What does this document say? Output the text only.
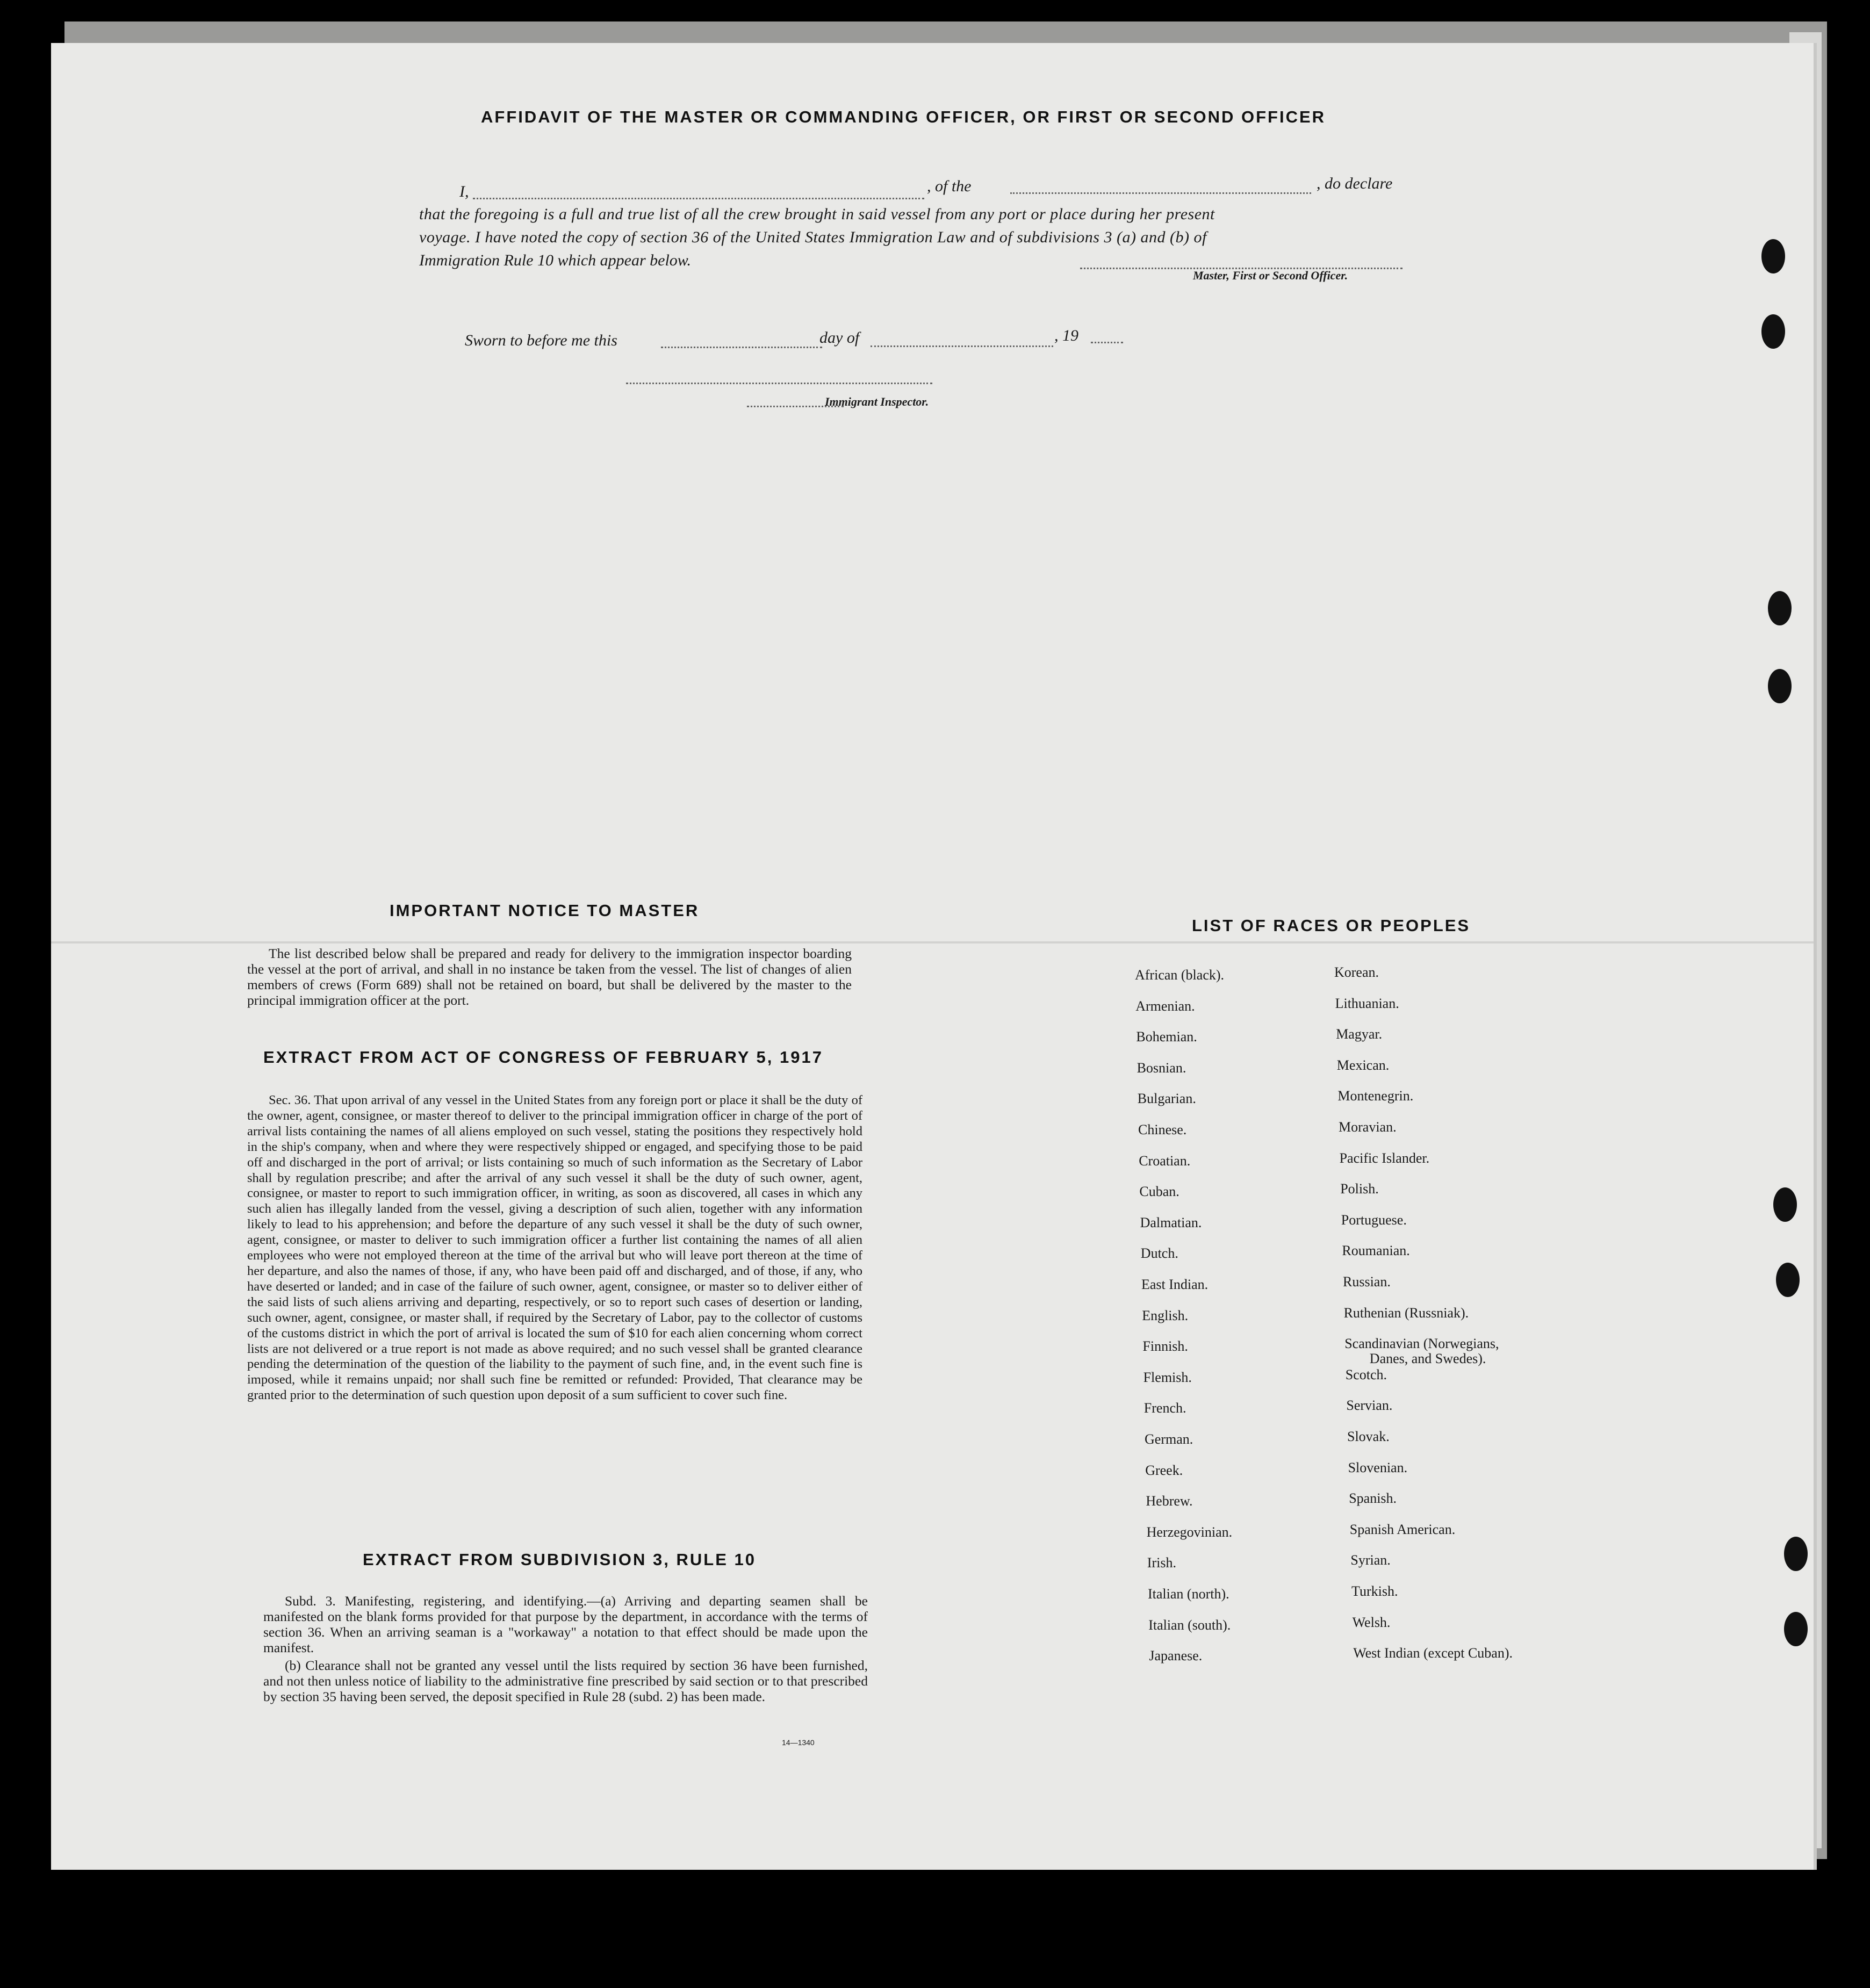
AFFIDAVIT OF THE MASTER OR COMMANDING OFFICER, OR FIRST OR SECOND OFFICER
I,	, of the	, do declare
that the foregoing is a full and true list of all the crew brought in said vessel from any port or place during her present
voyage. I have noted the copy of section 36 of the United States Immigration Law and of subdivisions 3 (a) and (b) of
Immigration Rule 10 which appear below.
Master, First or Second Officer.
Sworn to before me this	day of	, 19
Immigrant Inspector.
IMPORTANT NOTICE TO MASTER

The list described below shall be prepared and ready for delivery to the immigration inspector boarding the vessel at the port of arrival, and shall in no instance be taken from the vessel. The list of changes of alien members of crews (Form 689) shall not be retained on board, but shall be delivered by the master to the principal immigration officer at the port.

EXTRACT FROM ACT OF CONGRESS OF FEBRUARY 5, 1917

Sec. 36. That upon arrival of any vessel in the United States from any foreign port or place it shall be the duty of the owner, agent, consignee, or master thereof to deliver to the principal immigration officer in charge of the port of arrival lists containing the names of all aliens employed on such vessel, stating the positions they respectively hold in the ship's company, when and where they were respectively shipped or engaged, and specifying those to be paid off and discharged in the port of arrival; or lists containing so much of such information as the Secretary of Labor shall by regulation prescribe; and after the arrival of any such vessel it shall be the duty of such owner, agent, consignee, or master to report to such immigration officer, in writing, as soon as discovered, all cases in which any such alien has illegally landed from the vessel, giving a description of such alien, together with any information likely to lead to his apprehension; and before the departure of any such vessel it shall be the duty of such owner, agent, consignee, or master to deliver to such immigration officer a further list containing the names of all alien employees who were not employed thereon at the time of the arrival but who will leave port thereon at the time of her departure, and also the names of those, if any, who have been paid off and discharged, and of those, if any, who have deserted or landed; and in case of the failure of such owner, agent, consignee, or master so to deliver either of the said lists of such aliens arriving and departing, respectively, or so to report such cases of desertion or landing, such owner, agent, consignee, or master shall, if required by the Secretary of Labor, pay to the collector of customs of the customs district in which the port of arrival is located the sum of $10 for each alien concerning whom correct lists are not delivered or a true report is not made as above required; and no such vessel shall be granted clearance pending the determination of the question of the liability to the payment of such fine, and, in the event such fine is imposed, while it remains unpaid; nor shall such fine be remitted or refunded: Provided, That clearance may be granted prior to the determination of such question upon deposit of a sum sufficient to cover such fine.

EXTRACT FROM SUBDIVISION 3, RULE 10

Subd. 3. Manifesting, registering, and identifying.—(a) Arriving and departing seamen shall be manifested on the blank forms provided for that purpose by the department, in accordance with the terms of section 36. When an arriving seaman is a "workaway" a notation to that effect should be made upon the manifest.

(b) Clearance shall not be granted any vessel until the lists required by section 36 have been furnished, and not then unless notice of liability to the administrative fine prescribed by said section or to that prescribed by section 35 having been served, the deposit specified in Rule 28 (subd. 2) has been made.

14—1340
LIST OF RACES OR PEOPLES
African (black).
Armenian.
Bohemian.
Bosnian.
Bulgarian.
Chinese.
Croatian.
Cuban.
Dalmatian.
Dutch.
East Indian.
English.
Finnish.
Flemish.
French.
German.
Greek.
Hebrew.
Herzegovinian.
Irish.
Italian (north).
Italian (south).
Japanese.
Korean.
Lithuanian.
Magyar.
Mexican.
Montenegrin.
Moravian.
Pacific Islander.
Polish.
Portuguese.
Roumanian.
Russian.
Ruthenian (Russniak).
Scandinavian (Norwegians,
Danes, and Swedes).
Scotch.
Servian.
Slovak.
Slovenian.
Spanish.
Spanish American.
Syrian.
Turkish.
Welsh.
West Indian (except Cuban).
